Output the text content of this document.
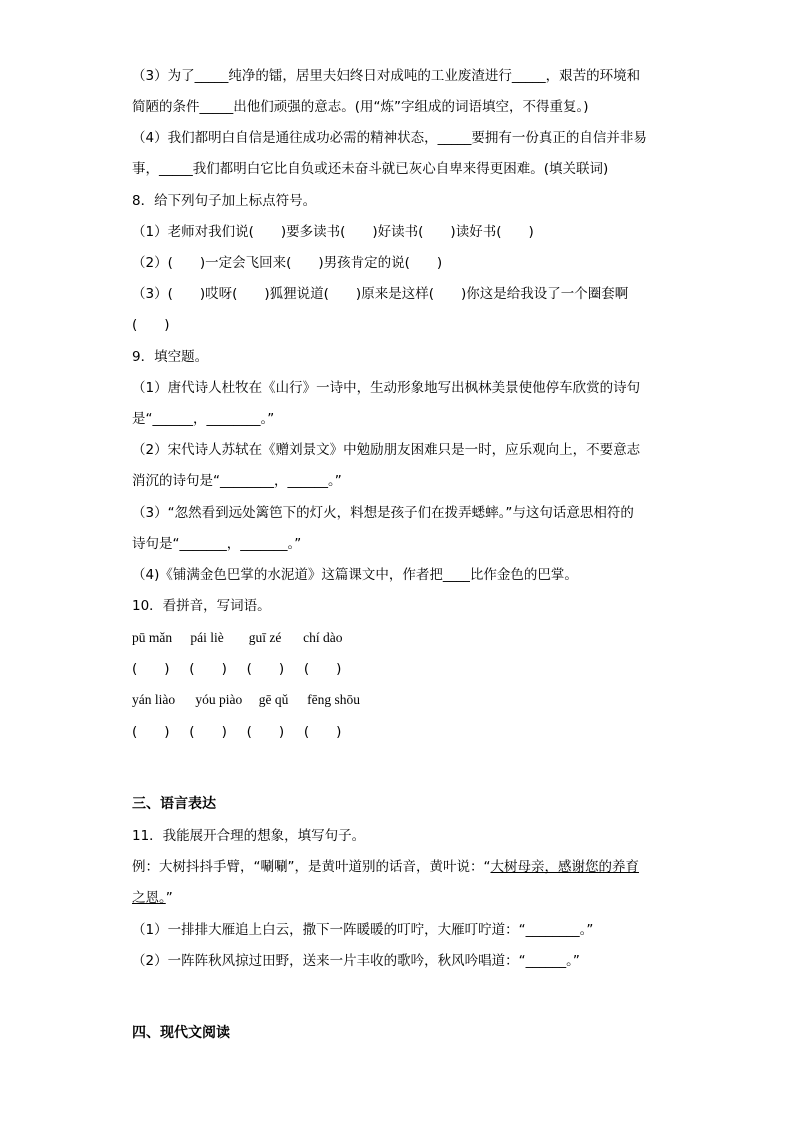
（3）为了_____纯净的镭，居里夫妇终日对成吨的工业废渣进行_____，艰苦的环境和

简陋的条件_____出他们顽强的意志。(用“炼”字组成的词语填空，不得重复。)

（4）我们都明白自信是通往成功必需的精神状态，_____要拥有一份真正的自信并非易

事，_____我们都明白它比自负或还未奋斗就已灰心自卑来得更困难。(填关联词)

8．给下列句子加上标点符号。

（1）老师对我们说(　　)要多读书(　　)好读书(　　)读好书(　　)

（2）(　　)一定会飞回来(　　)男孩肯定的说(　　)

（3）(　　)哎呀(　　)狐狸说道(　　)原来是这样(　　)你这是给我设了一个圈套啊

(　　)

9．填空题。

（1）唐代诗人杜牧在《山行》一诗中，生动形象地写出枫林美景使他停车欣赏的诗句

是“______，________。”

（2）宋代诗人苏轼在《赠刘景文》中勉励朋友困难只是一时，应乐观向上，不要意志

消沉的诗句是“________，______。”

（3）“忽然看到远处篱笆下的灯火，料想是孩子们在拨弄蟋蟀。”与这句话意思相符的

诗句是“_______，_______。”

（4)《铺满金色巴掌的水泥道》这篇课文中，作者把____比作金色的巴掌。

10．看拼音，写词语。

pū mǎn pái liè guī zé chí dào

(　　) (　　) (　　) (　　)

yán liào yóu piào gē qǔ fēng shōu

(　　) (　　) (　　) (　　)

三、语言表达

11．我能展开合理的想象，填写句子。

例：大树抖抖手臂，“唰唰”，是黄叶道别的话音，黄叶说：“大树母亲，感谢您的养育

之恩。”

（1）一排排大雁追上白云，撒下一阵暖暖的叮咛，大雁叮咛道：“________。”

（2）一阵阵秋风掠过田野，送来一片丰收的歌吟，秋风吟唱道：“______。”

四、现代文阅读
